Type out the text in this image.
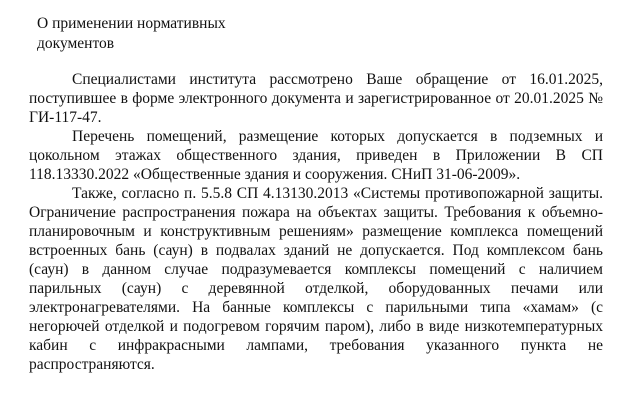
О применении нормативных
документов

Специалистами института рассмотрено Ваше обращение от 16.01.2025, поступившее в форме электронного документа и зарегистрированное от 20.01.2025 № ГИ-117-47.

Перечень помещений, размещение которых допускается в подземных и цокольном этажах общественного здания, приведен в Приложении В СП 118.13330.2022 «Общественные здания и сооружения. СНиП 31-06-2009».

Также, согласно п. 5.5.8 СП 4.13130.2013 «Системы противопожарной защиты. Ограничение распространения пожара на объектах защиты. Требования к объемно-планировочным и конструктивным решениям» размещение комплекса помещений встроенных бань (саун) в подвалах зданий не допускается. Под комплексом бань (саун) в данном случае подразумевается комплексы помещений с наличием парильных (саун) с деревянной отделкой, оборудованных печами или электронагревателями. На банные комплексы с парильными типа «хамам» (с негорючей отделкой и подогревом горячим паром), либо в виде низкотемпературных кабин с инфракрасными лампами, требования указанного пункта не распространяются.
